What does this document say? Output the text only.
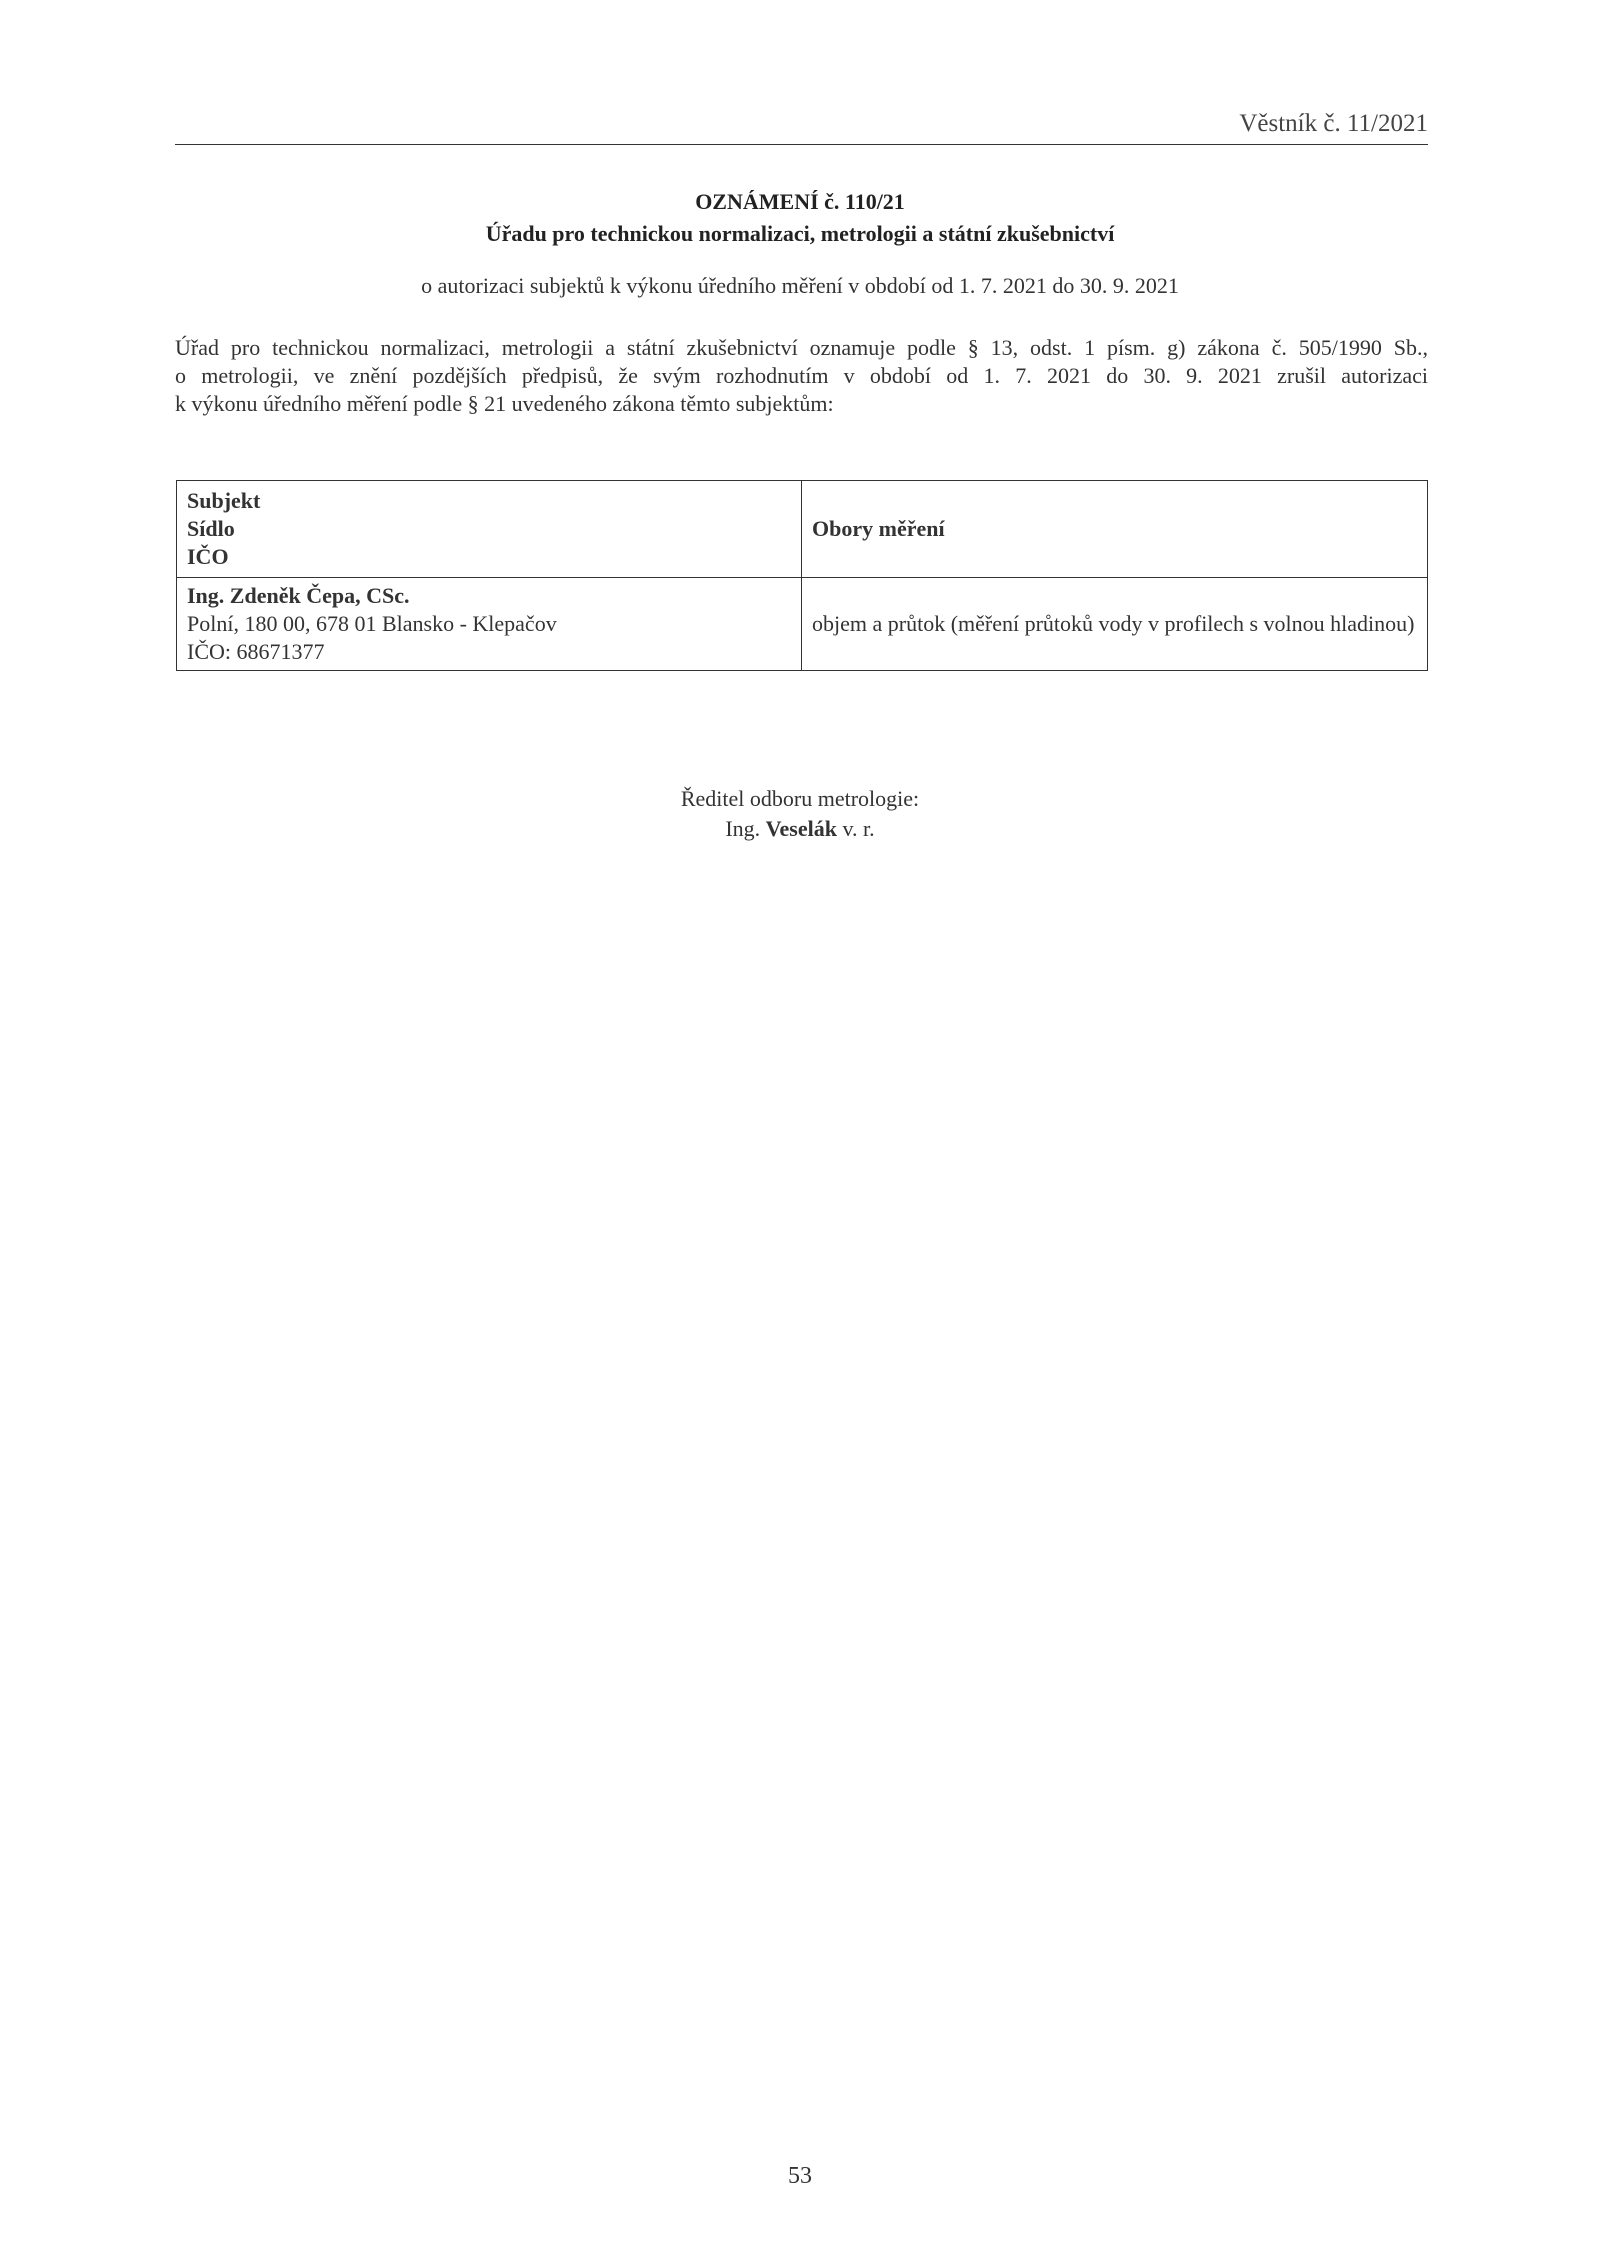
Věstník č. 11/2021
OZNÁMENÍ č. 110/21
Úřadu pro technickou normalizaci, metrologii a státní zkušebnictví
o autorizaci subjektů k výkonu úředního měření v období od 1. 7. 2021 do 30. 9. 2021
Úřad pro technickou normalizaci, metrologii a státní zkušebnictví oznamuje podle § 13, odst. 1 písm. g) zákona č. 505/1990 Sb.,
o metrologii, ve znění pozdějších předpisů, že svým rozhodnutím v období od 1. 7. 2021 do 30. 9. 2021 zrušil autorizaci
k výkonu úředního měření podle § 21 uvedeného zákona těmto subjektům:
Subjekt
Sídlo
IČO	Obory měření

Ing. Zdeněk Čepa, CSc.
Polní, 180 00, 678 01 Blansko - Klepačov
IČO: 68671377	objem a průtok (měření průtoků vody v profilech s volnou hladinou)
Ředitel odboru metrologie:
Ing. Veselák v. r.
53
